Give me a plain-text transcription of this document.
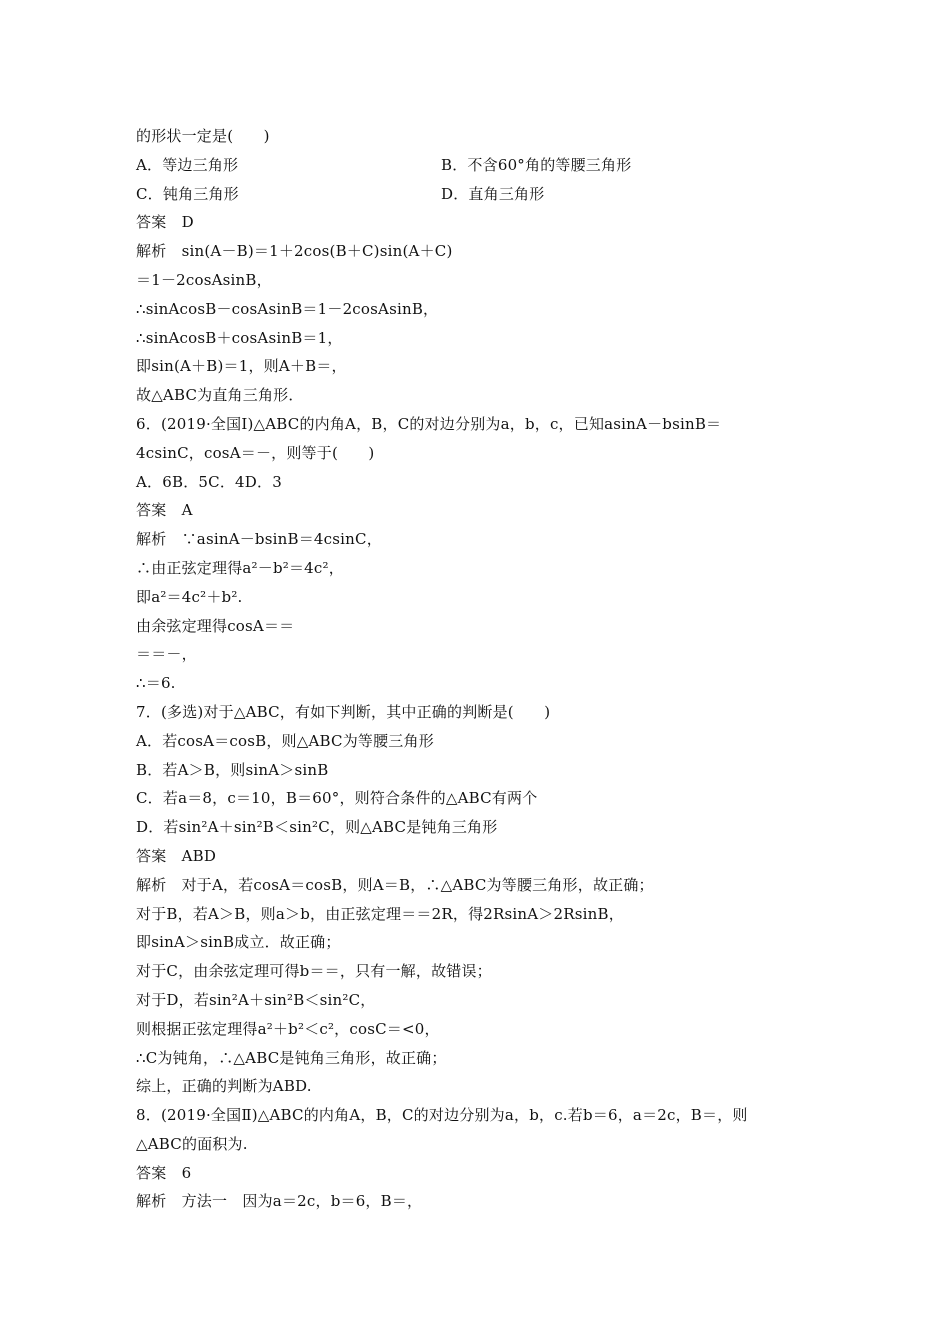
的形状一定是(　　)
A．等边三角形	B．不含60°角的等腰三角形
C．钝角三角形	D．直角三角形
答案　D
解析　sin(A－B)＝1＋2cos(B＋C)sin(A＋C)
＝1－2cosAsinB，
∴sinAcosB－cosAsinB＝1－2cosAsinB，
∴sinAcosB＋cosAsinB＝1，
即sin(A＋B)＝1，则A＋B＝，
故△ABC为直角三角形．
6．(2019·全国Ⅰ)△ABC的内角A，B，C的对边分别为a，b，c，已知asinA－bsinB＝
4csinC，cosA＝－，则等于(　　)
A．6B．5C．4D．3
答案　A
解析　∵asinA－bsinB＝4csinC，
∴由正弦定理得a²－b²＝4c²，
即a²＝4c²＋b².
由余弦定理得cosA＝＝
＝＝－，
∴＝6.
7．(多选)对于△ABC，有如下判断，其中正确的判断是(　　)
A．若cosA＝cosB，则△ABC为等腰三角形
B．若A＞B，则sinA＞sinB
C．若a＝8，c＝10，B＝60°，则符合条件的△ABC有两个
D．若sin²A＋sin²B＜sin²C，则△ABC是钝角三角形
答案　ABD
解析　对于A，若cosA＝cosB，则A＝B，∴△ABC为等腰三角形，故正确；
对于B，若A＞B，则a＞b，由正弦定理＝＝2R，得2RsinA＞2RsinB，
即sinA＞sinB成立．故正确；
对于C，由余弦定理可得b＝＝，只有一解，故错误；
对于D，若sin²A＋sin²B＜sin²C，
则根据正弦定理得a²＋b²＜c²，cosC＝<0，
∴C为钝角，∴△ABC是钝角三角形，故正确；
综上，正确的判断为ABD.
8．(2019·全国Ⅱ)△ABC的内角A，B，C的对边分别为a，b，c.若b＝6，a＝2c，B＝，则
△ABC的面积为.
答案　6
解析　方法一　因为a＝2c，b＝6，B＝，
